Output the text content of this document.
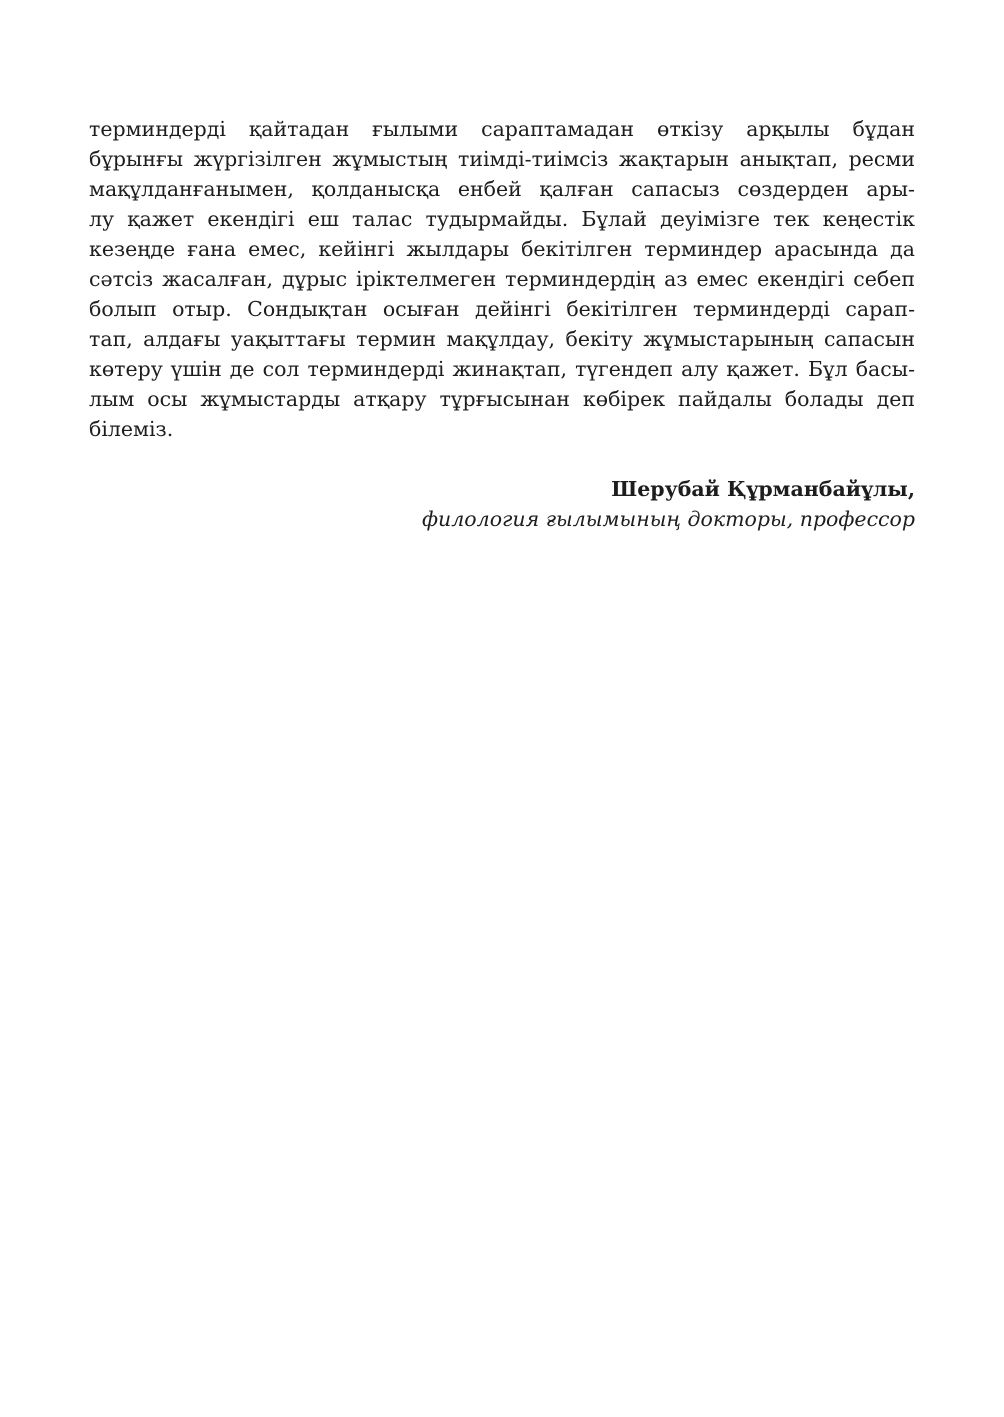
терминдерді қайтадан ғылыми сараптамадан өткізу арқылы бұдан
бұрынғы жүргізілген жұмыстың тиімді-тиімсіз жақтарын анықтап, ресми
мақұлданғанымен, қолданысқа енбей қалған сапасыз сөздерден ары-
лу қажет екендігі еш талас тудырмайды. Бұлай деуімізге тек кеңестік
кезеңде ғана емес, кейінгі жылдары бекітілген терминдер арасында да
сәтсіз жасалған, дұрыс іріктелмеген терминдердің аз емес екендігі себеп
болып отыр. Сондықтан осыған дейінгі бекітілген терминдерді сарап-
тап, алдағы уақыттағы термин мақұлдау, бекіту жұмыстарының сапасын
көтеру үшін де сол терминдерді жинақтап, түгендеп алу қажет. Бұл басы-
лым осы жұмыстарды атқару тұрғысынан көбірек пайдалы болады деп
білеміз.
Шерубай Құрманбайұлы,
филология ғылымының докторы, профессор
